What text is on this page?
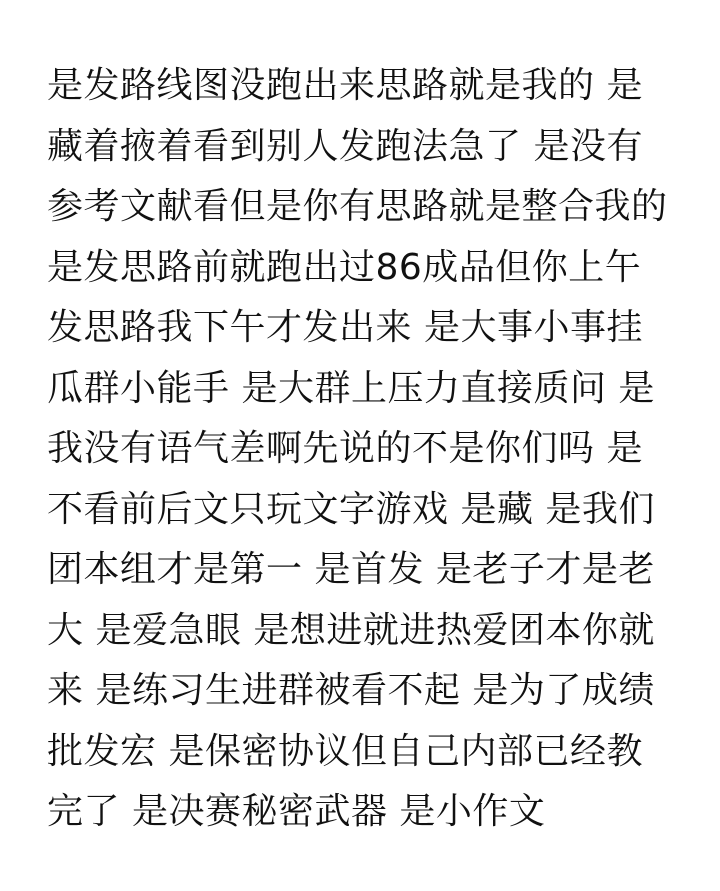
是发路线图没跑出来思路就是我的 是
藏着掖着看到别人发跑法急了 是没有
参考文献看但是你有思路就是整合我的
是发思路前就跑出过86成品但你上午
发思路我下午才发出来 是大事小事挂
瓜群小能手 是大群上压力直接质问 是
我没有语气差啊先说的不是你们吗 是
不看前后文只玩文字游戏 是藏 是我们
团本组才是第一 是首发 是老子才是老
大 是爱急眼 是想进就进热爱团本你就
来 是练习生进群被看不起 是为了成绩
批发宏 是保密协议但自己内部已经教
完了 是决赛秘密武器 是小作文
